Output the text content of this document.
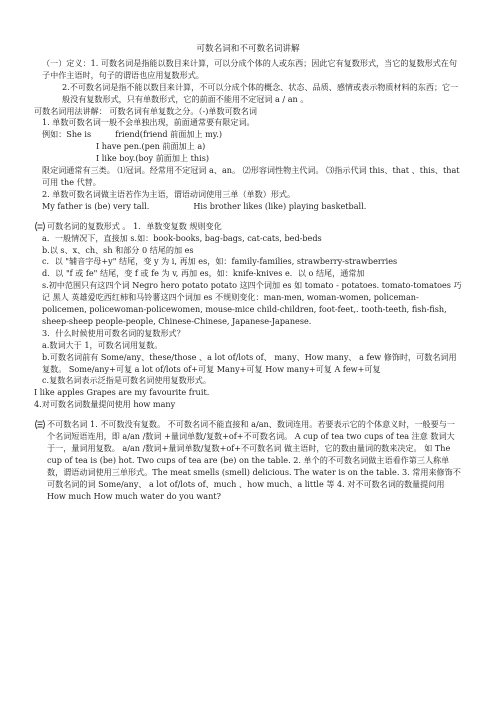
可数名词和不可数名词讲解

（一）定义：1. 可数名词是指能以数目来计算，可以分成个体的人或东西；因此它有复数形式，当它的复数形式在句子中作主语时，句子的谓语也应用复数形式。

2.不可数名词是指不能以数目来计算，不可以分成个体的概念、状态、品质、感情或表示物质材料的东西；它一般没有复数形式，只有单数形式，它的前面不能用不定冠词 a / an 。

可数名词用法讲解： 可数名词有单复数之分。（-)单数可数名词

1. 单数可数名词一般不会单独出现，前面通常要有限定词。

例如：She is	friend(friend 前面加上 my.)

I have pen.(pen 前面加上 a)

I like boy.(boy 前面加上 this)

限定词通常有三类。 ⑴冠词。经常用不定冠词 a、an。 ⑵形容词性物主代词。 ⑶指示代词 this、that 、this、that 可用 the 代替。

2. 单数可数名词做主语若作为主语，谓语动词使用三单（单数）形式。

My father is (be) very tall.	His brother likes (like) playing basketball.

可数名词的复数形式 。 1．单数变复数 规则变化

a．一般情况下，直接加 s.如：book-books, bag-bags, cat-cats, bed-beds

b.以 s、x、ch、sh 和部分 0 结尾的加 es

c．以 "辅音字母+y" 结尾，变 y 为 i, 再加 es，如：family-families, strawberry-strawberries

d．以 "f 或 fe" 结尾，变 f 或 fe 为 v, 再加 es，如：knife-knives e．以 o 结尾，通常加

s.初中范围只有这四个词 Negro hero potato potato 这四个词加 es 如 tomato - potatoes. tomato-tomatoes 巧记 黑人 英雄爱吃西红柿和马铃薯这四个词加 es 不规则变化：man-men, woman-women, policeman-policemen, policewoman-policewomen, mouse-mice child-children, foot-feet,. tooth-teeth, fish-fish, sheep-sheep people-people, Chinese-Chinese, Japanese-Japanese.

3．什么时候使用可数名词的复数形式？

a.数词大于 1，可数名词用复数。

b.可数名词前有 Some/any、these/those 、a lot of/lots of、 many、How many、 a few 修饰时，可数名词用复数。 Some/any+可复 a lot of/lots of+可复 Many+可复 How many+可复 A few+可复

c.复数名词表示泛指是可数名词使用复数形式。

I like apples Grapes are my favourite fruit.

4.对可数名词数量提问使用 how many

不可数名词 1. 不可数没有复数。 不可数名词不能直接和 a/an、数词连用。若要表示它的个体意义时，一般要与一个名词短语连用，即 a/an /数词 +量词单数/复数+of+不可数名词。 A cup of tea two cups of tea 注意 数词大于一，量词用复数。 a/an /数词+量词单数/复数+of+不可数名词 做主语时，它的数由量词的数来决定。 如 The cup of tea is (be) hot. Two cups of tea are (be) on the table. 2. 单个的不可数名词做主语看作第三人称单数，谓语动词使用三单形式。The meat smells (smell) delicious. The water is on the table. 3. 常用来修饰不可数名词的词 Some/any、 a lot of/lots of、much 、how much、a little 等 4. 对不可数名词的数量提问用 How much How much water do you want?
